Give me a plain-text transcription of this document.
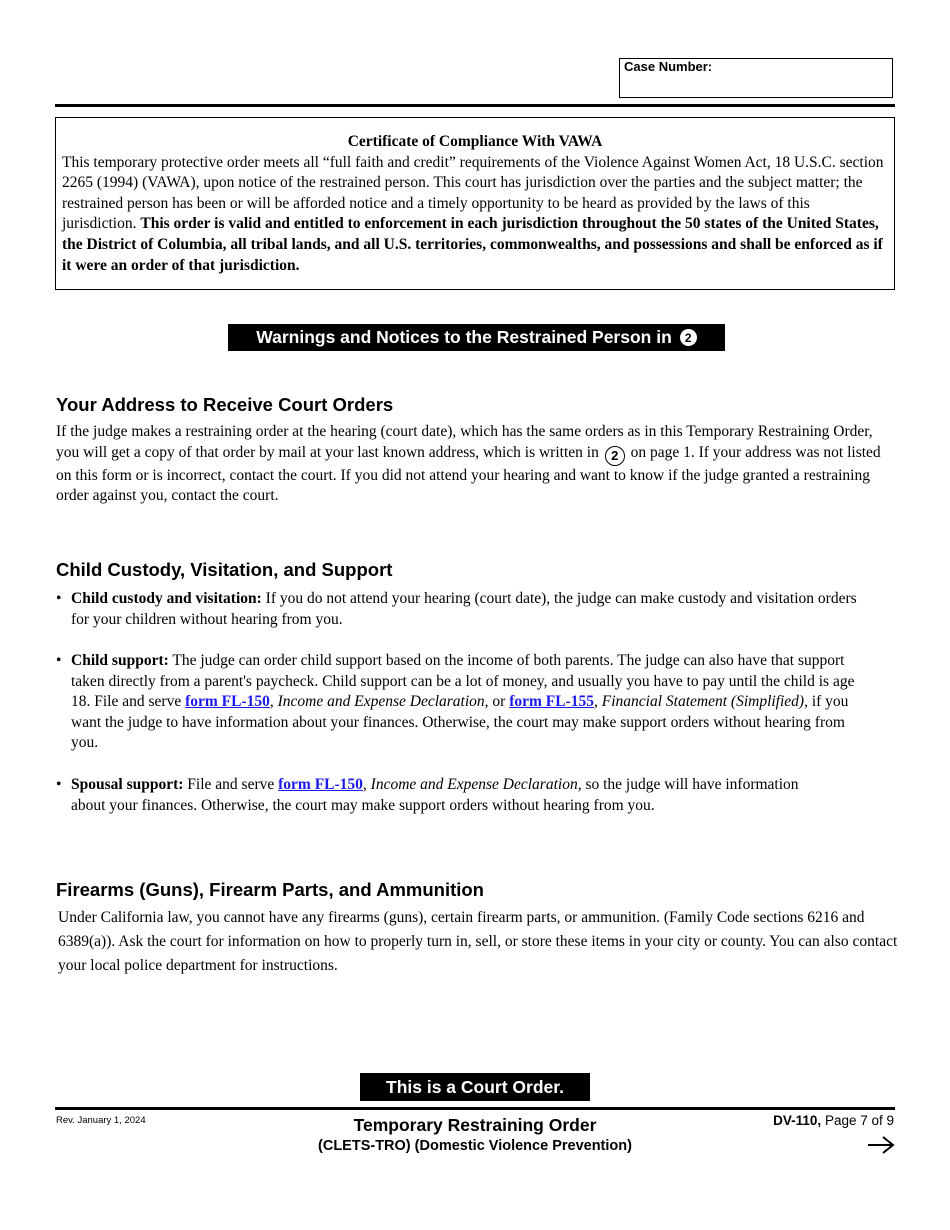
Case Number:
Certificate of Compliance With VAWA

This temporary protective order meets all “full faith and credit” requirements of the Violence Against Women Act, 18 U.S.C. section 2265 (1994) (VAWA), upon notice of the restrained person. This court has jurisdiction over the parties and the subject matter; the restrained person has been or will be afforded notice and a timely opportunity to be heard as provided by the laws of this jurisdiction. This order is valid and entitled to enforcement in each jurisdiction throughout the 50 states of the United States, the District of Columbia, all tribal lands, and all U.S. territories, commonwealths, and possessions and shall be enforced as if it were an order of that jurisdiction.

Warnings and Notices to the Restrained Person in	2
Your Address to Receive Court Orders

If the judge makes a restraining order at the hearing (court date), which has the same orders as in this Temporary Restraining Order, you will get a copy of that order by mail at your last known address, which is written in 2 on page 1. If your address was not listed on this form or is incorrect, contact the court. If you did not attend your hearing and want to know if the judge granted a restraining order against you, contact the court.

Child Custody, Visitation, and Support
• Child custody and visitation: If you do not attend your hearing (court date), the judge can make custody and visitation orders for your children without hearing from you.
• Child support: The judge can order child support based on the income of both parents. The judge can also have that support taken directly from a parent's paycheck. Child support can be a lot of money, and usually you have to pay until the child is age 18. File and serve form FL-150, Income and Expense Declaration, or form FL-155, Financial Statement (Simplified), if you want the judge to have information about your finances. Otherwise, the court may make support orders without hearing from you.
• Spousal support: File and serve form FL-150, Income and Expense Declaration, so the judge will have information about your finances. Otherwise, the court may make support orders without hearing from you.
Firearms (Guns), Firearm Parts, and Ammunition

Under California law, you cannot have any firearms (guns), certain firearm parts, or ammunition. (Family Code sections 6216 and 6389(a)). Ask the court for information on how to properly turn in, sell, or store these items in your city or county. You can also contact your local police department for instructions.

This is a Court Order.
Rev. January 1, 2024	Temporary Restraining Order
(CLETS-TRO) (Domestic Violence Prevention)
DV-110, Page 7 of 9
